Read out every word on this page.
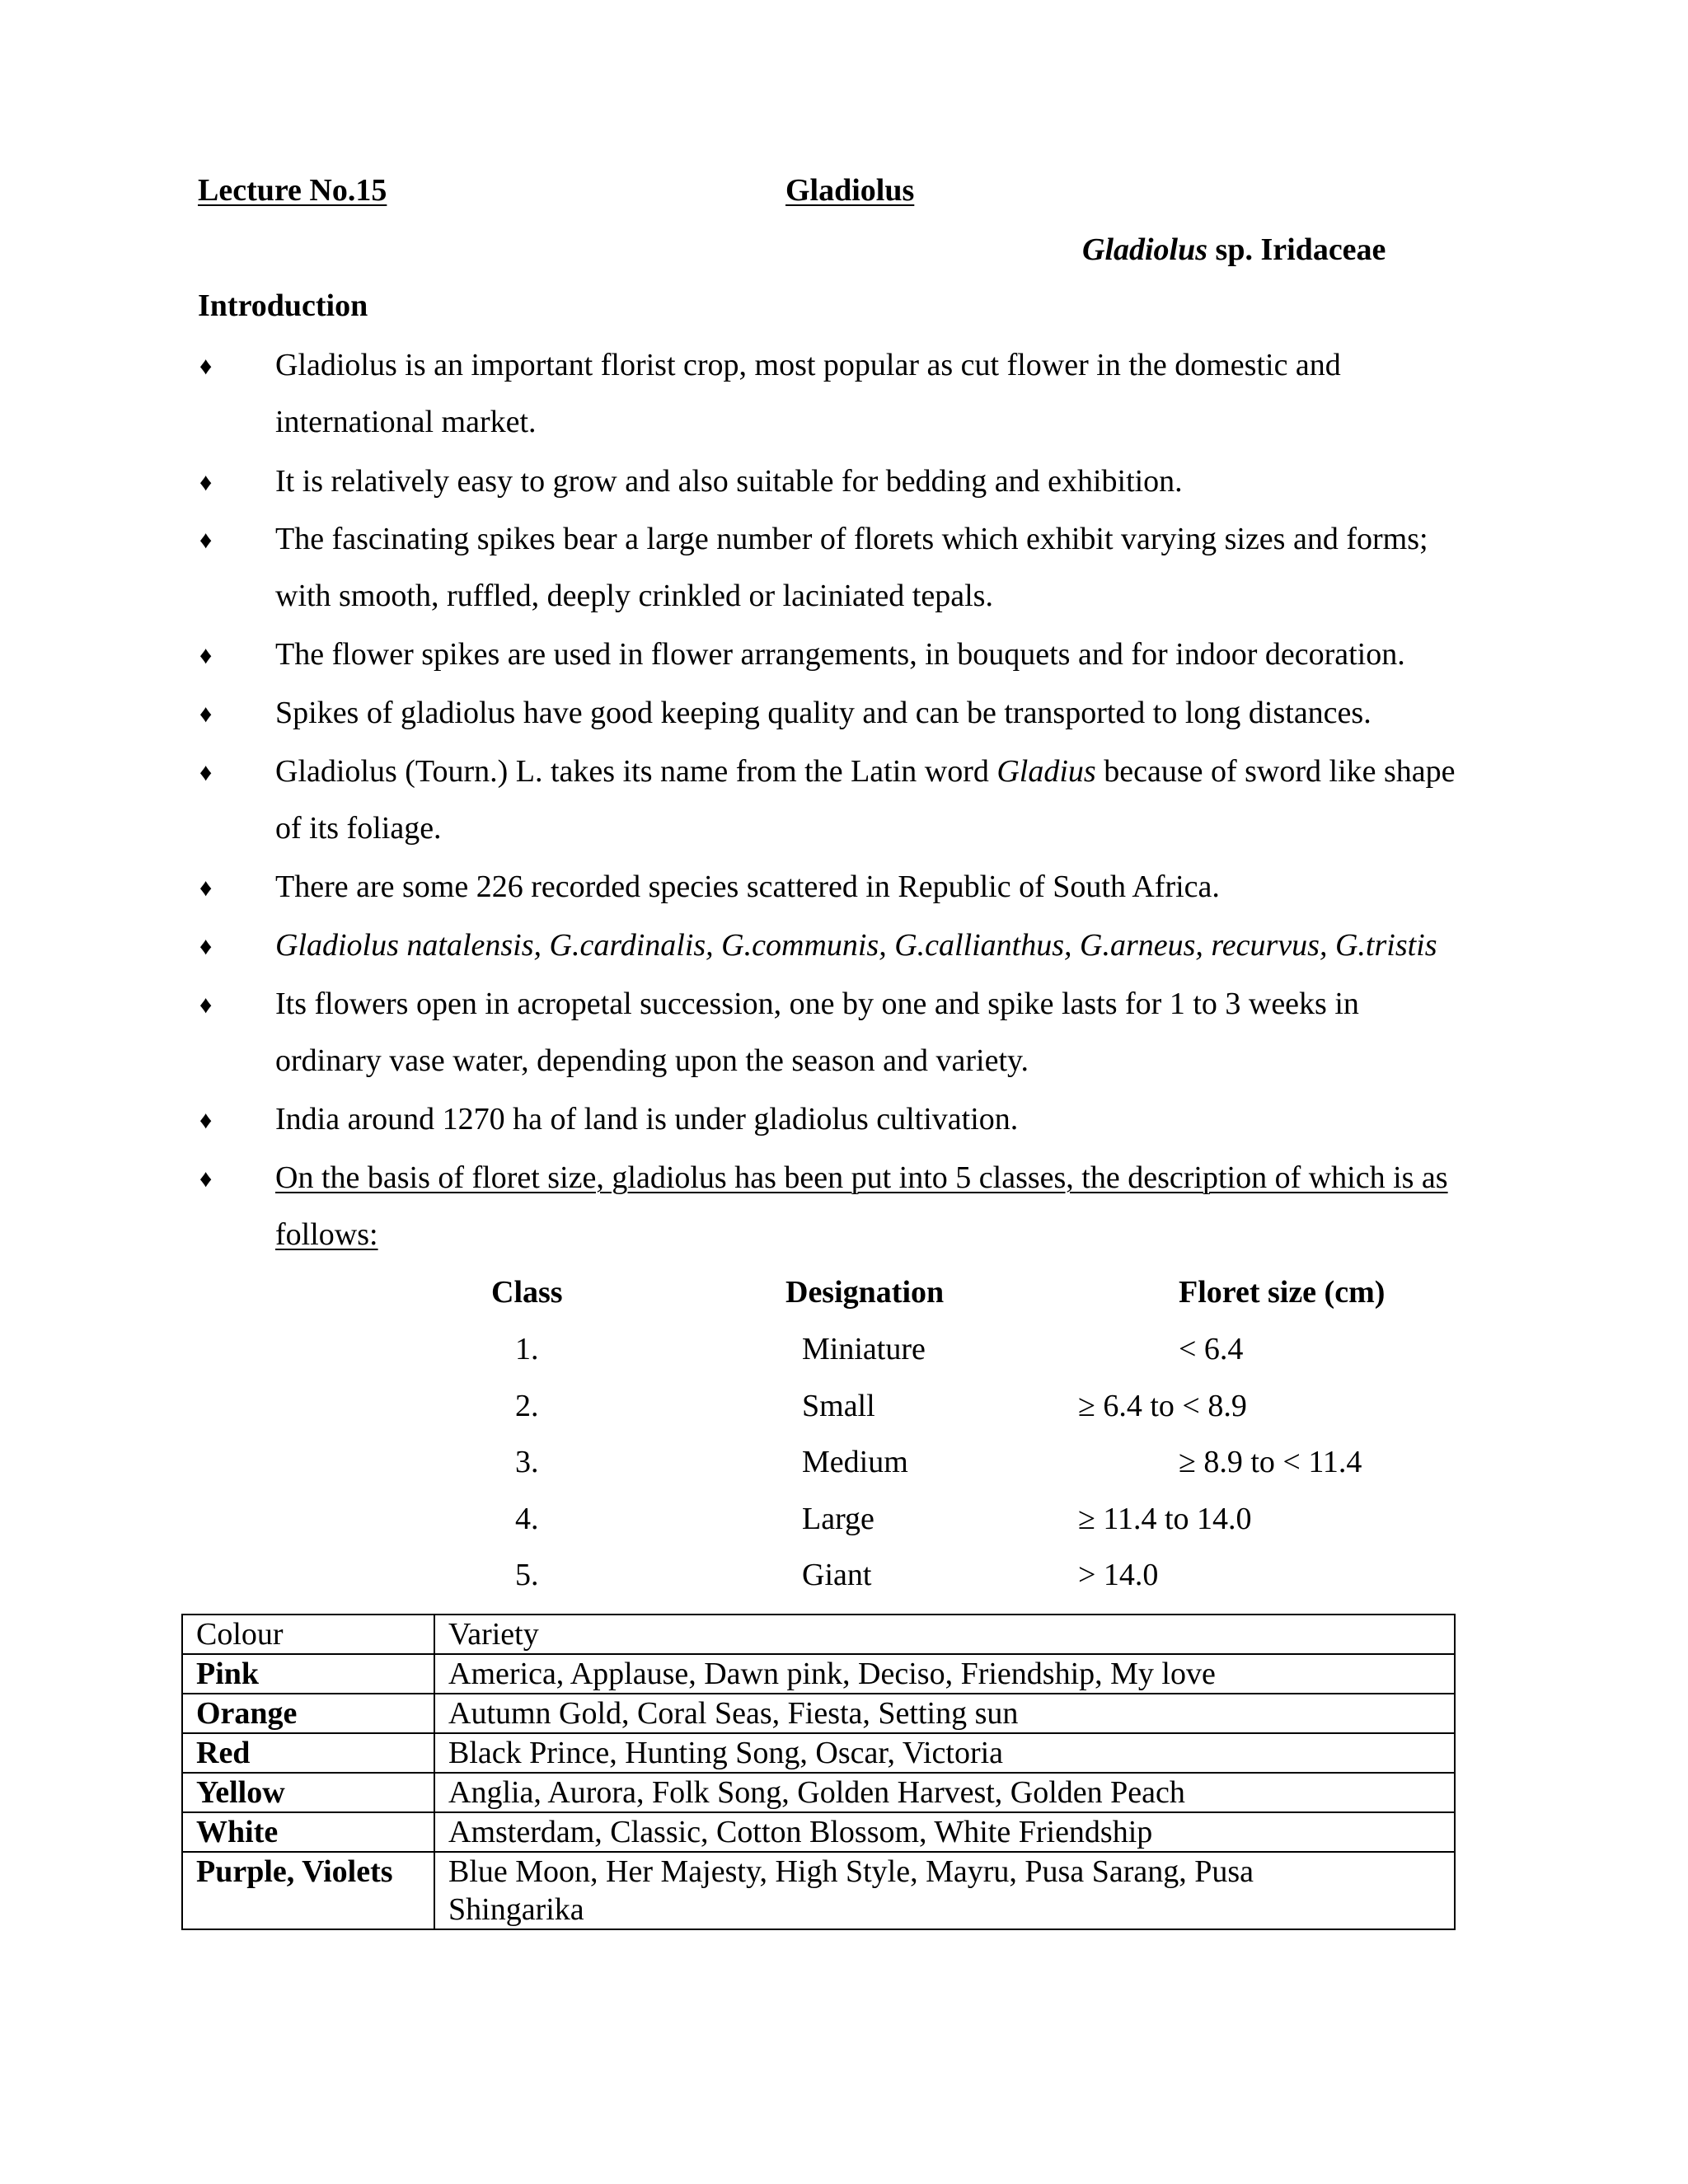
Lecture No.15	Gladiolus
Gladiolus sp. Iridaceae
Introduction
♦ Gladiolus is an important florist crop, most popular as cut flower in the domestic and
international market.
♦ It is relatively easy to grow and also suitable for bedding and exhibition.
♦ The fascinating spikes bear a large number of florets which exhibit varying sizes and forms;
with smooth, ruffled, deeply crinkled or laciniated tepals.
♦ The flower spikes are used in flower arrangements, in bouquets and for indoor decoration.
♦ Spikes of gladiolus have good keeping quality and can be transported to long distances.
♦ Gladiolus (Tourn.) L. takes its name from the Latin word Gladius because of sword like shape
of its foliage.
♦ There are some 226 recorded species scattered in Republic of South Africa.
♦ Gladiolus natalensis, G.cardinalis, G.communis, G.callianthus, G.arneus, recurvus, G.tristis
♦ Its flowers open in acropetal succession, one by one and spike lasts for 1 to 3 weeks in
ordinary vase water, depending upon the season and variety.
♦ India around 1270 ha of land is under gladiolus cultivation.
♦ On the basis of floret size, gladiolus has been put into 5 classes, the description of which is as
follows:
Class	Designation	Floret size (cm)
1.	Miniature	< 6.4
2.	Small	≥ 6.4 to < 8.9
3.	Medium	≥ 8.9 to < 11.4
4.	Large	≥ 11.4 to 14.0
5.	Giant	> 14.0
Colour	Variety
Pink	America, Applause, Dawn pink, Deciso, Friendship, My love
Orange	Autumn Gold, Coral Seas, Fiesta, Setting sun
Red	Black Prince, Hunting Song, Oscar, Victoria
Yellow	Anglia, Aurora, Folk Song, Golden Harvest, Golden Peach
White	Amsterdam, Classic, Cotton Blossom, White Friendship
Purple, Violets	Blue Moon, Her Majesty, High Style, Mayru, Pusa Sarang, Pusa Shingarika
